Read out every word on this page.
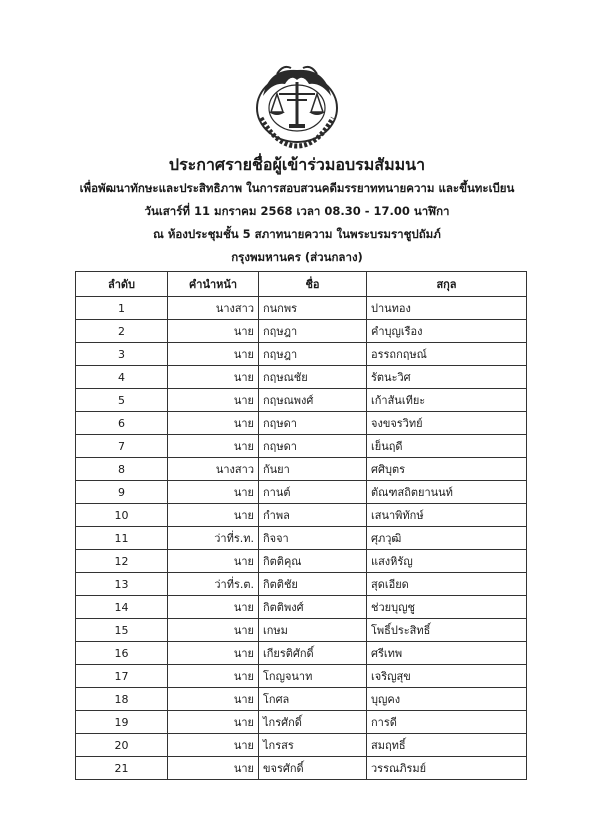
ประกาศรายชื่อผู้เข้าร่วมอบรมสัมมนา
เพื่อพัฒนาทักษะและประสิทธิภาพ ในการสอบสวนคดีมรรยาททนายความ และขึ้นทะเบียน
วันเสาร์ที่ 11 มกราคม 2568 เวลา 08.30 - 17.00 นาฬิกา
ณ ห้องประชุมชั้น 5 สภาทนายความ ในพระบรมราชูปถัมภ์
กรุงพมหานคร (ส่วนกลาง)
ลำดับ	คำนำหน้า	ชื่อ	สกุล
1	นางสาว	กนกพร	ปานทอง
2	นาย	กฤษฎา	คำบุญเรือง
3	นาย	กฤษฎา	อรรถกฤษณ์
4	นาย	กฤษณชัย	รัตนะวิศ
5	นาย	กฤษณพงศ์	เก้าสันเทียะ
6	นาย	กฤษดา	จงขจรวิทย์
7	นาย	กฤษดา	เย็นฤดี
8	นางสาว	กันยา	ศศิบุตร
9	นาย	กานต์	ตัณฑสถิตยานนท์
10	นาย	กำพล	เสนาพิทักษ์
11	ว่าที่ร.ท.	กิจจา	ศุภวุฒิ
12	นาย	กิตติคุณ	แสงหิรัญ
13	ว่าที่ร.ต.	กิตติชัย	สุดเอียด
14	นาย	กิตติพงศ์	ช่วยบุญชู
15	นาย	เกษม	โพธิ์ประสิทธิ์
16	นาย	เกียรติศักดิ์	ศรีเทพ
17	นาย	โกญจนาท	เจริญสุข
18	นาย	โกศล	บุญคง
19	นาย	ไกรศักดิ์	การดี
20	นาย	ไกรสร	สมฤทธิ์
21	นาย	ขจรศักดิ์	วรรณภิรมย์
